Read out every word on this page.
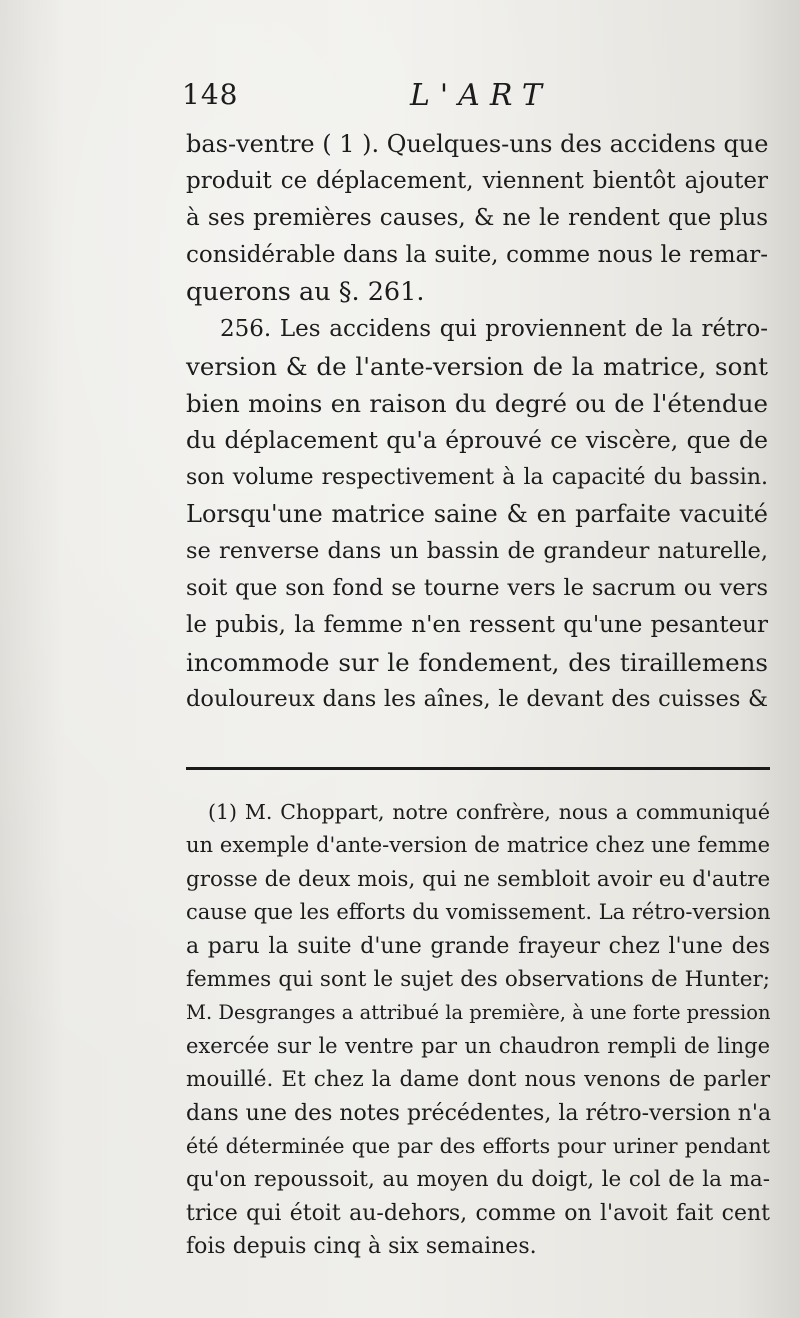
148	L'ART
bas-ventre ( 1 ). Quelques-uns des accidens que
produit ce déplacement, viennent bientôt ajouter
à ses premières causes, & ne le rendent que plus
considérable dans la suite, comme nous le remar-
querons au §. 261.
256. Les accidens qui proviennent de la rétro-
version & de l'ante-version de la matrice, sont
bien moins en raison du degré ou de l'étendue
du déplacement qu'a éprouvé ce viscère, que de
son volume respectivement à la capacité du bassin.
Lorsqu'une matrice saine & en parfaite vacuité
se renverse dans un bassin de grandeur naturelle,
soit que son fond se tourne vers le sacrum ou vers
le pubis, la femme n'en ressent qu'une pesanteur
incommode sur le fondement, des tiraillemens
douloureux dans les aînes, le devant des cuisses &
(1) M. Choppart, notre confrère, nous a communiqué
un exemple d'ante-version de matrice chez une femme
grosse de deux mois, qui ne sembloit avoir eu d'autre
cause que les efforts du vomissement. La rétro-version
a paru la suite d'une grande frayeur chez l'une des
femmes qui sont le sujet des observations de Hunter;
M. Desgranges a attribué la première, à une forte pression
exercée sur le ventre par un chaudron rempli de linge
mouillé. Et chez la dame dont nous venons de parler
dans une des notes précédentes, la rétro-version n'a
été déterminée que par des efforts pour uriner pendant
qu'on repoussoit, au moyen du doigt, le col de la ma-
trice qui étoit au-dehors, comme on l'avoit fait cent
fois depuis cinq à six semaines.
